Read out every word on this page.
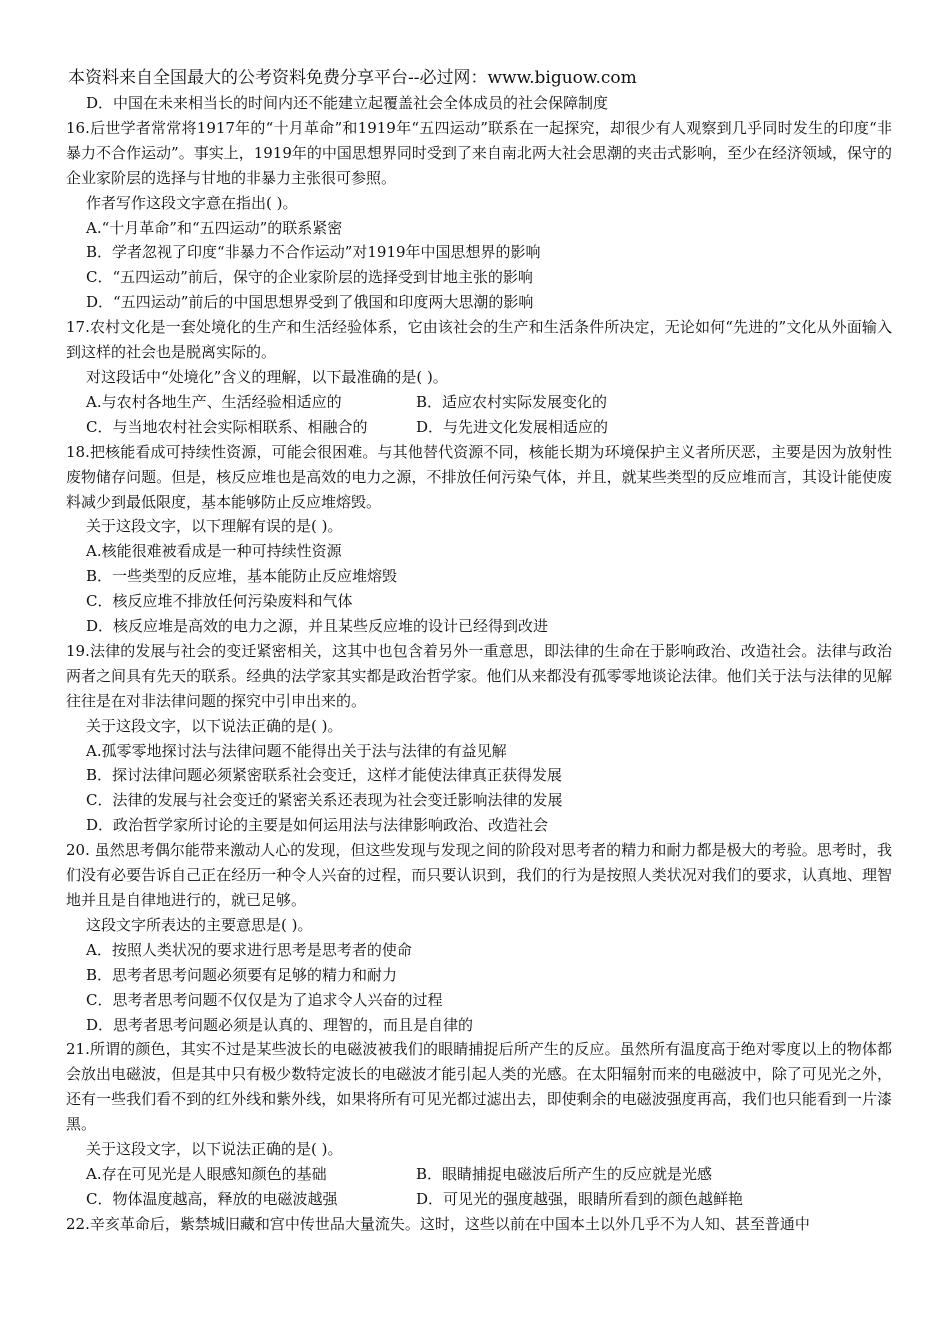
本资料来自全国最大的公考资料免费分享平台--必过网：www.biguow.com

D．中国在未来相当长的时间内还不能建立起覆盖社会全体成员的社会保障制度

16.后世学者常常将1917年的“十月革命”和1919年“五四运动”联系在一起探究，却很少有人观察到几乎同时发生的印度“非暴力不合作运动”。事实上，1919年的中国思想界同时受到了来自南北两大社会思潮的夹击式影响，至少在经济领域，保守的企业家阶层的选择与甘地的非暴力主张很可参照。

作者写作这段文字意在指出( )。

A.“十月革命”和“五四运动”的联系紧密

B．学者忽视了印度“非暴力不合作运动”对1919年中国思想界的影响

C．“五四运动”前后，保守的企业家阶层的选择受到甘地主张的影响

D．“五四运动”前后的中国思想界受到了俄国和印度两大思潮的影响

17.农村文化是一套处境化的生产和生活经验体系，它由该社会的生产和生活条件所决定，无论如何“先进的”文化从外面输入到这样的社会也是脱离实际的。

对这段话中“处境化”含义的理解，以下最准确的是( )。

A.与农村各地生产、生活经验相适应的	B．适应农村实际发展变化的
C．与当地农村社会实际相联系、相融合的	D．与先进文化发展相适应的

18.把核能看成可持续性资源，可能会很困难。与其他替代资源不同，核能长期为环境保护主义者所厌恶，主要是因为放射性废物储存问题。但是，核反应堆也是高效的电力之源，不排放任何污染气体，并且，就某些类型的反应堆而言，其设计能使废料减少到最低限度，基本能够防止反应堆熔毁。

关于这段文字，以下理解有误的是( )。

A.核能很难被看成是一种可持续性资源

B．一些类型的反应堆，基本能防止反应堆熔毁

C．核反应堆不排放任何污染废料和气体

D．核反应堆是高效的电力之源，并且某些反应堆的设计已经得到改进

19.法律的发展与社会的变迁紧密相关，这其中也包含着另外一重意思，即法律的生命在于影响政治、改造社会。法律与政治两者之间具有先天的联系。经典的法学家其实都是政治哲学家。他们从来都没有孤零零地谈论法律。他们关于法与法律的见解往往是在对非法律问题的探究中引申出来的。

关于这段文字，以下说法正确的是( )。

A.孤零零地探讨法与法律问题不能得出关于法与法律的有益见解

B．探讨法律问题必须紧密联系社会变迁，这样才能使法律真正获得发展

C．法律的发展与社会变迁的紧密关系还表现为社会变迁影响法律的发展

D．政治哲学家所讨论的主要是如何运用法与法律影响政治、改造社会

20. 虽然思考偶尔能带来激动人心的发现，但这些发现与发现之间的阶段对思考者的精力和耐力都是极大的考验。思考时，我们没有必要告诉自己正在经历一种令人兴奋的过程，而只要认识到，我们的行为是按照人类状况对我们的要求，认真地、理智地并且是自律地进行的，就已足够。

这段文字所表达的主要意思是( )。

A．按照人类状况的要求进行思考是思考者的使命

B．思考者思考问题必须要有足够的精力和耐力

C．思考者思考问题不仅仅是为了追求令人兴奋的过程

D．思考者思考问题必须是认真的、理智的，而且是自律的

21.所谓的颜色，其实不过是某些波长的电磁波被我们的眼睛捕捉后所产生的反应。虽然所有温度高于绝对零度以上的物体都会放出电磁波，但是其中只有极少数特定波长的电磁波才能引起人类的光感。在太阳辐射而来的电磁波中，除了可见光之外，还有一些我们看不到的红外线和紫外线，如果将所有可见光都过滤出去，即使剩余的电磁波强度再高，我们也只能看到一片漆黑。

关于这段文字，以下说法正确的是( )。

A.存在可见光是人眼感知颜色的基础	B．眼睛捕捉电磁波后所产生的反应就是光感
C．物体温度越高，释放的电磁波越强	D．可见光的强度越强，眼睛所看到的颜色越鲜艳

22.辛亥革命后，紫禁城旧藏和宫中传世品大量流失。这时，这些以前在中国本土以外几乎不为人知、甚至普通中
